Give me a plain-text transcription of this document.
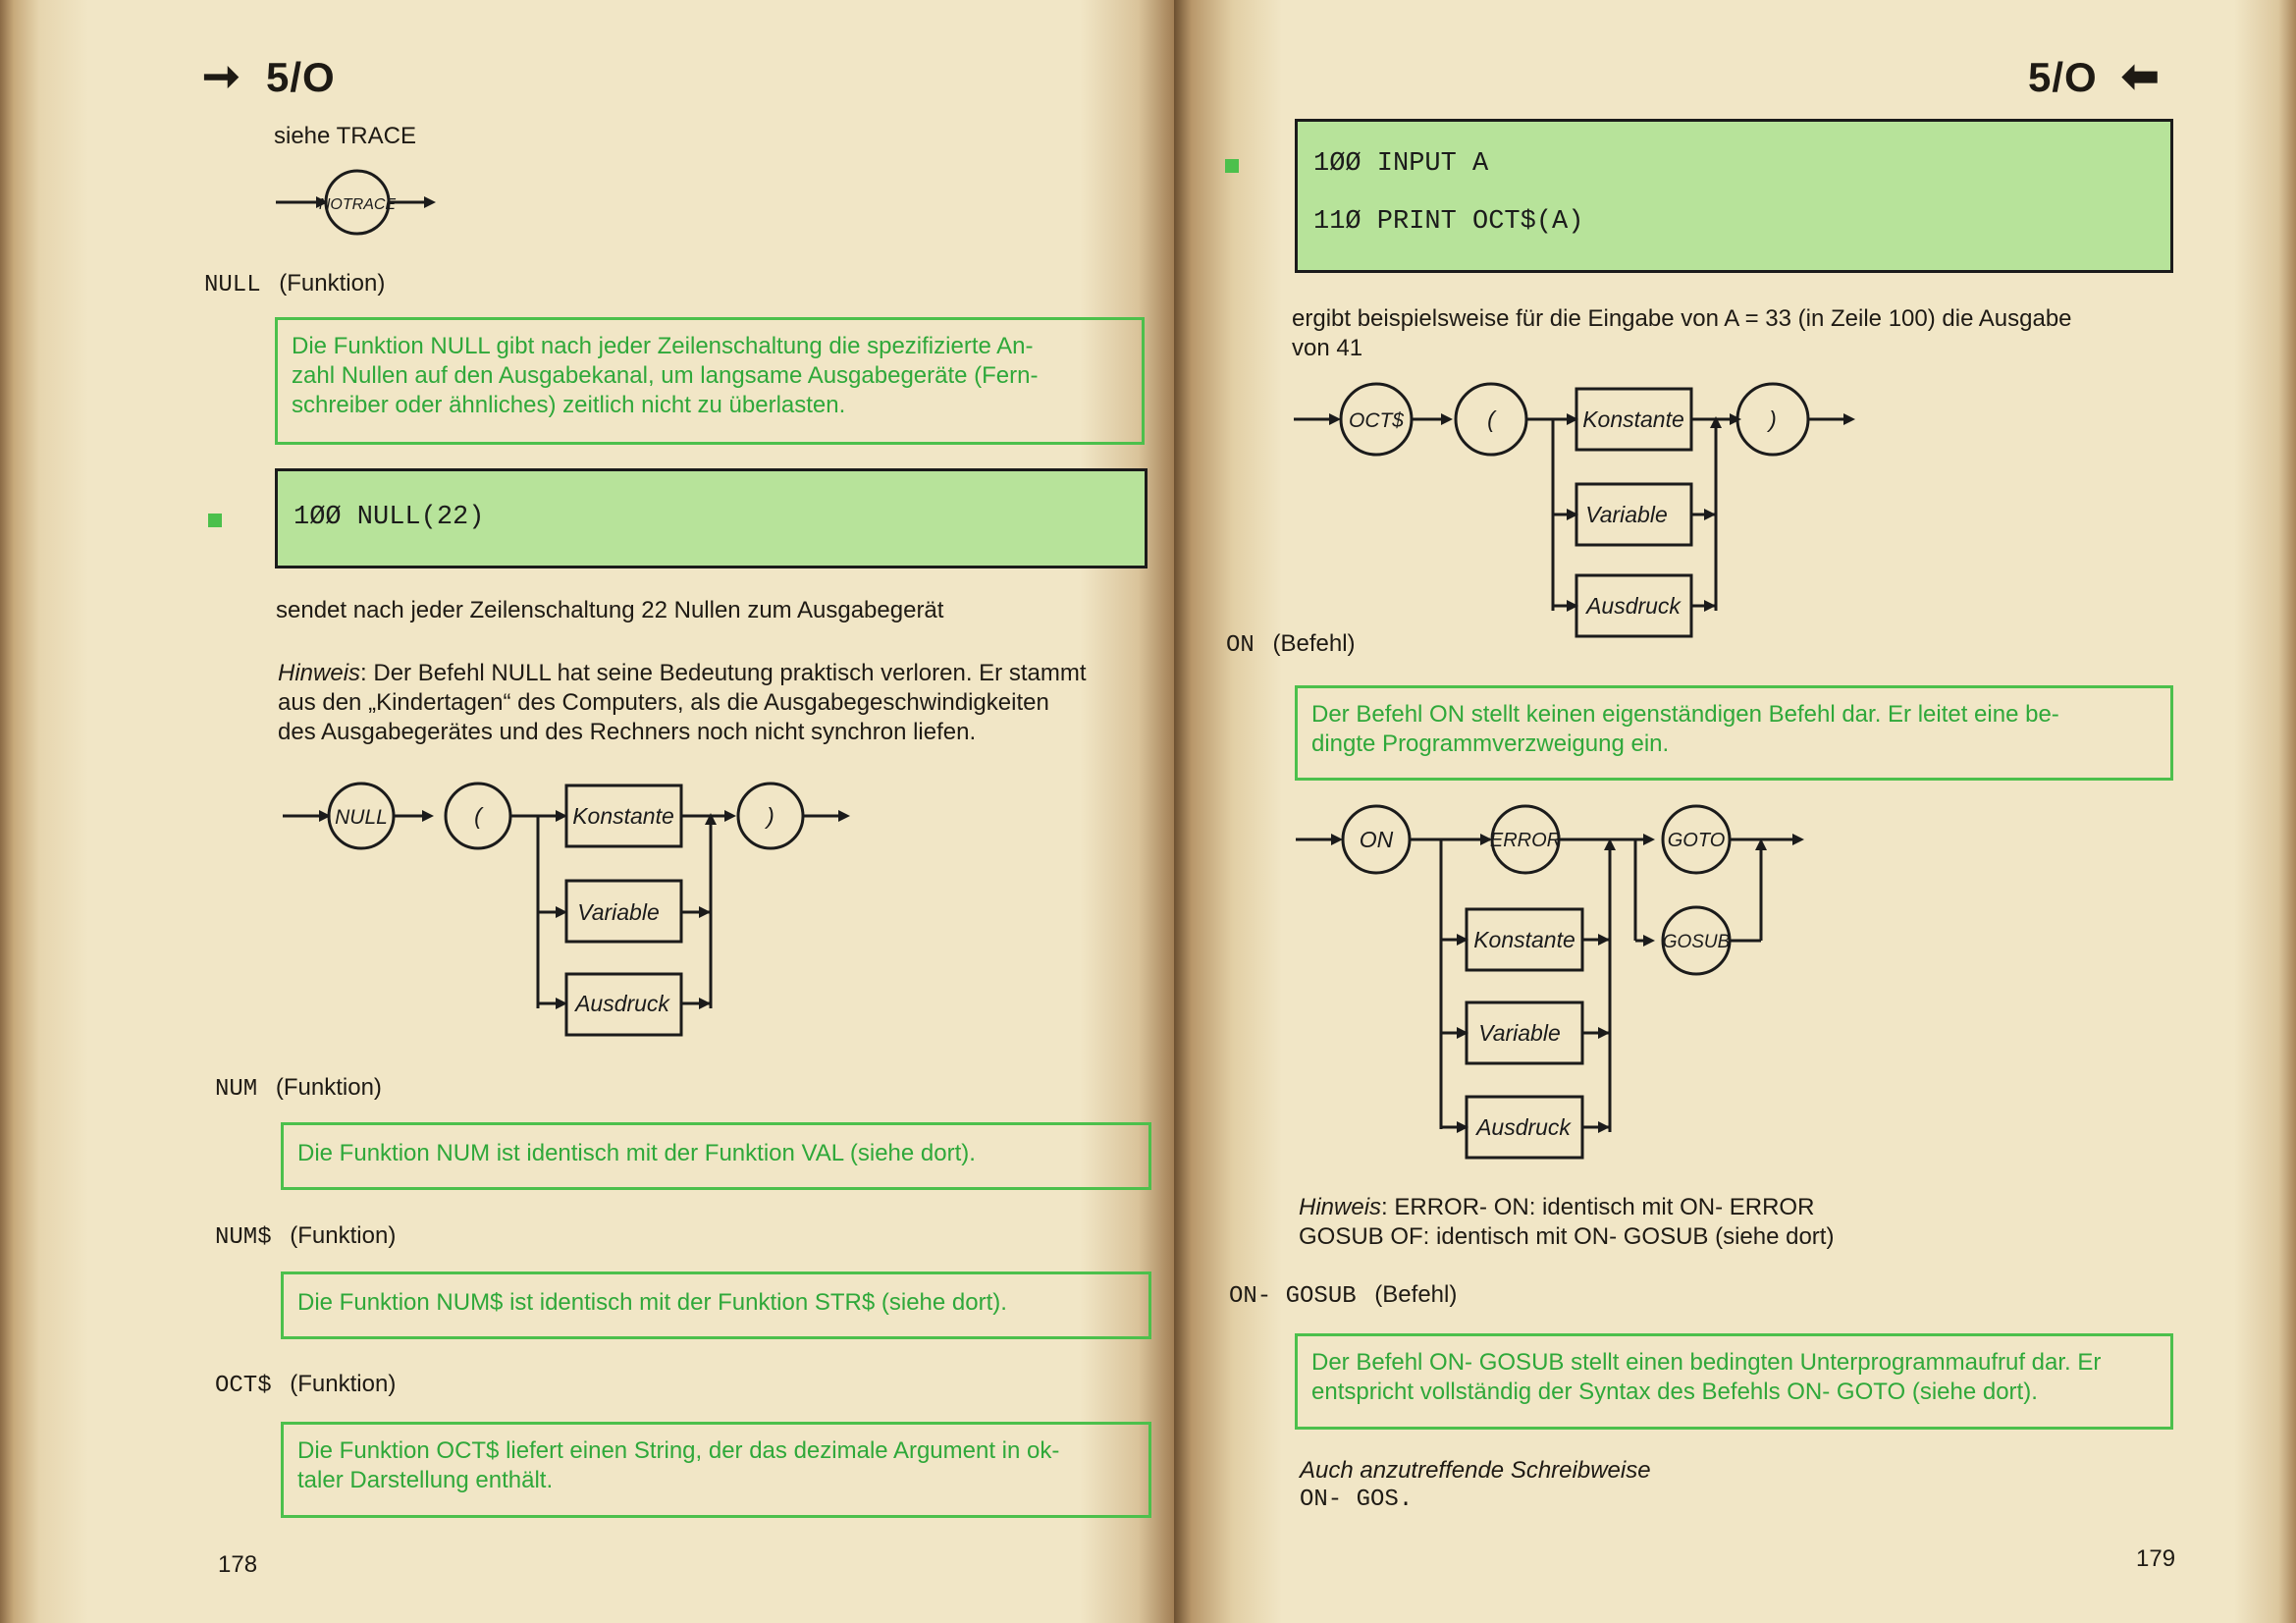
➞ 5/O
siehe TRACE
NOTRACE
NULL (Funktion)
Die Funktion NULL gibt nach jeder Zeilenschaltung die spezifizierte An-
zahl Nullen auf den Ausgabekanal, um langsame Ausgabegeräte (Fern-
schreiber oder ähnliches) zeitlich nicht zu überlasten.
1ØØ NULL(22)
sendet nach jeder Zeilenschaltung 22 Nullen zum Ausgabegerät
Hinweis: Der Befehl NULL hat seine Bedeutung praktisch verloren. Er stammt
aus den „Kindertagen“ des Computers, als die Ausgabegeschwindigkeiten
des Ausgabegerätes und des Rechners noch nicht synchron liefen.
NULL	(	Konstante
Variable
Ausdruck
)
NUM (Funktion)
Die Funktion NUM ist identisch mit der Funktion VAL (siehe dort).
NUM$ (Funktion)
Die Funktion NUM$ ist identisch mit der Funktion STR$ (siehe dort).
OCT$ (Funktion)
Die Funktion OCT$ liefert einen String, der das dezimale Argument in ok-
taler Darstellung enthält.
178
5/O ⬅
1ØØ INPUT A
11Ø PRINT OCT$(A)
ergibt beispielsweise für die Eingabe von A = 33 (in Zeile 100) die Ausgabe
von 41
OCT$	(	Konstante
Variable
Ausdruck
)
ON (Befehl)
Der Befehl ON stellt keinen eigenständigen Befehl dar. Er leitet eine be-
dingte Programmverzweigung ein.
ON	ERROR	GOTO
GOSUB
Konstante
Variable
Ausdruck
Hinweis: ERROR- ON: identisch mit ON- ERROR
GOSUB OF: identisch mit ON- GOSUB (siehe dort)
ON- GOSUB (Befehl)
Der Befehl ON- GOSUB stellt einen bedingten Unterprogrammaufruf dar. Er
entspricht vollständig der Syntax des Befehls ON- GOTO (siehe dort).
Auch anzutreffende Schreibweise
ON- GOS.
179
